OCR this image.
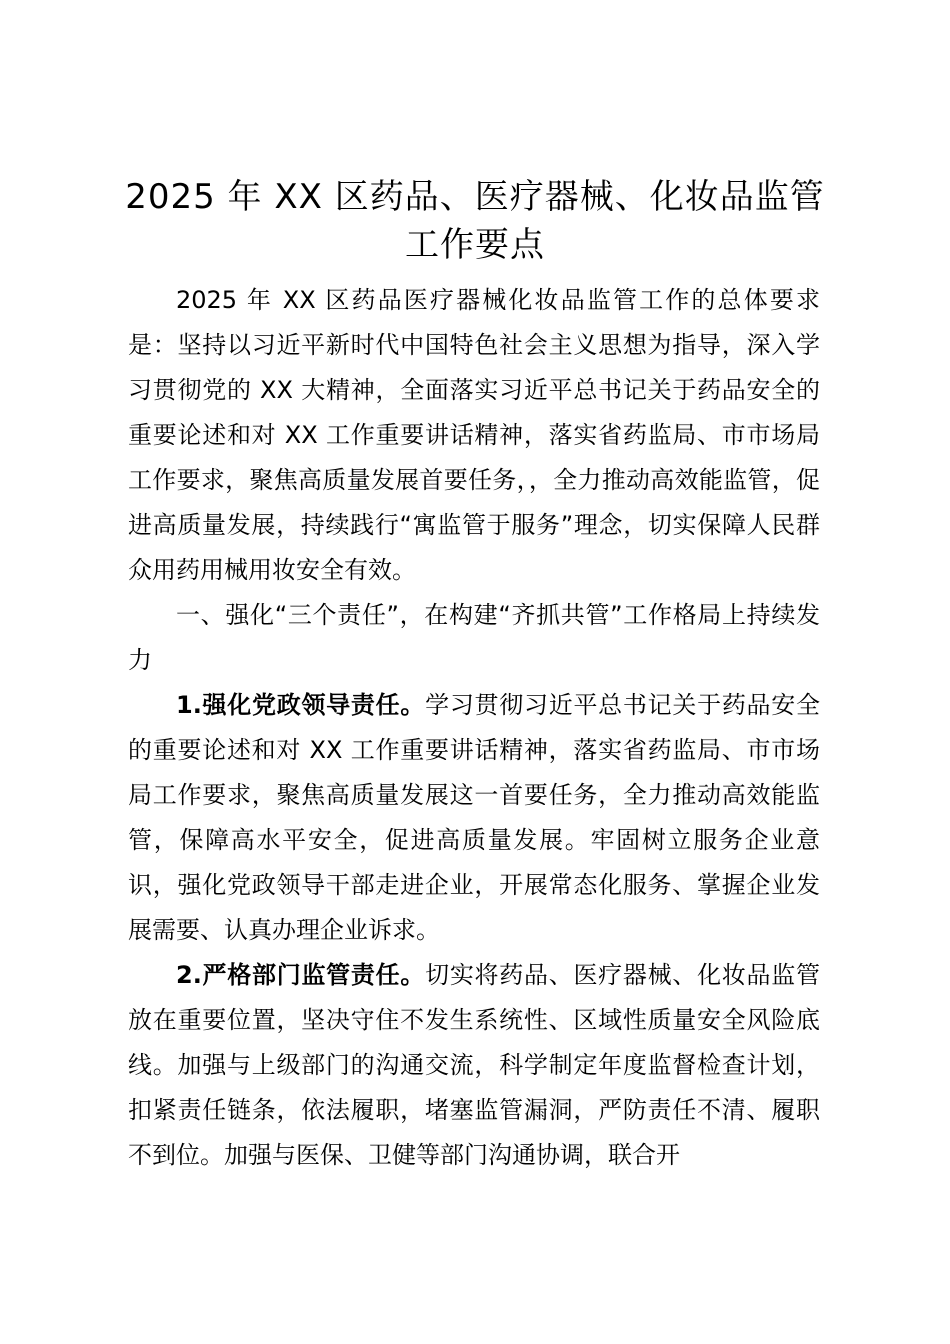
2025 年 XX 区药品、医疗器械、化妆品监管
工作要点

2025 年 XX 区药品医疗器械化妆品监管工作的总体要求是：坚持以习近平新时代中国特色社会主义思想为指导，深入学习贯彻党的 XX 大精神，全面落实习近平总书记关于药品安全的重要论述和对 XX 工作重要讲话精神，落实省药监局、市市场局工作要求，聚焦高质量发展首要任务，，全力推动高效能监管，促进高质量发展，持续践行“寓监管于服务”理念，切实保障人民群众用药用械用妆安全有效。

一、强化“三个责任”，在构建“齐抓共管”工作格局上持续发力

1.强化党政领导责任。学习贯彻习近平总书记关于药品安全的重要论述和对 XX 工作重要讲话精神，落实省药监局、市市场局工作要求，聚焦高质量发展这一首要任务，全力推动高效能监管，保障高水平安全，促进高质量发展。牢固树立服务企业意识，强化党政领导干部走进企业，开展常态化服务、掌握企业发展需要、认真办理企业诉求。

2.严格部门监管责任。切实将药品、医疗器械、化妆品监管放在重要位置，坚决守住不发生系统性、区域性质量安全风险底线。加强与上级部门的沟通交流，科学制定年度监督检查计划，扣紧责任链条，依法履职，堵塞监管漏洞，严防责任不清、履职不到位。加强与医保、卫健等部门沟通协调，联合开
